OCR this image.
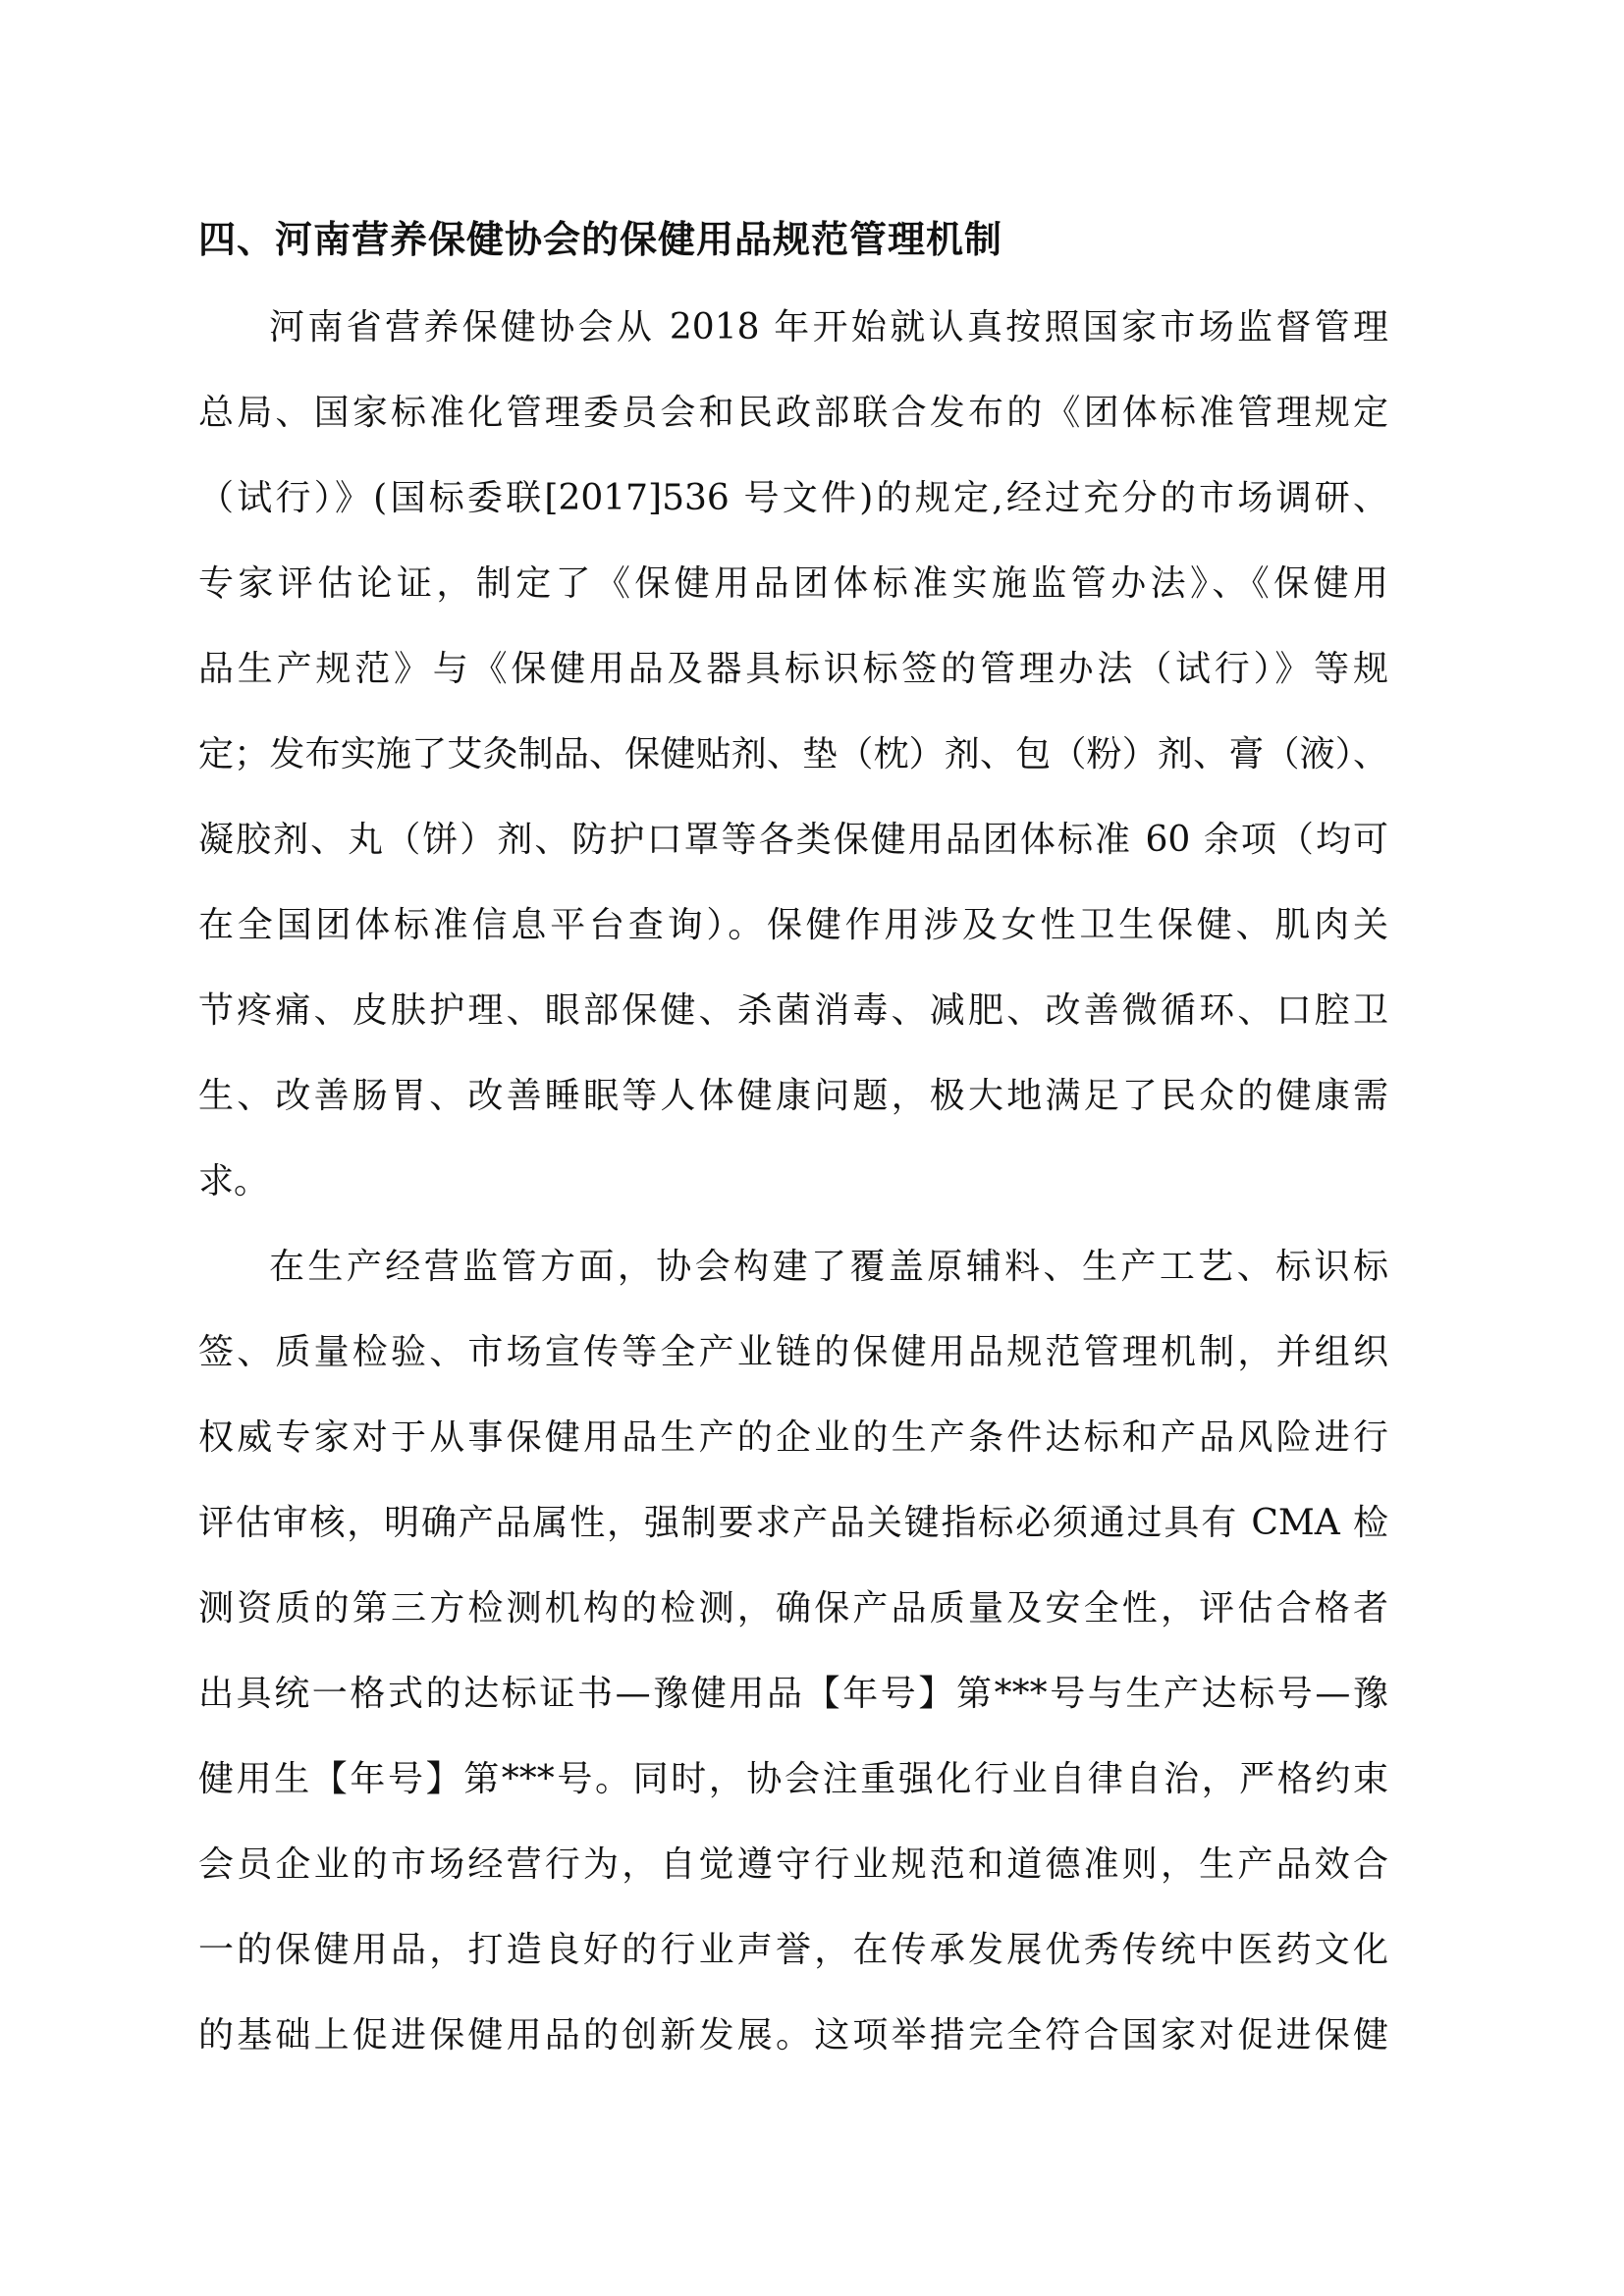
四、河南营养保健协会的保健用品规范管理机制
河南省营养保健协会从 2018 年开始就认真按照国家市场监督管理
总局、国家标准化管理委员会和民政部联合发布的《团体标准管理规定
（试行）》(国标委联[2017]536 号文件)的规定,经过充分的市场调研、
专家评估论证，制定了《保健用品团体标准实施监管办法》、《保健用
品生产规范》与《保健用品及器具标识标签的管理办法（试行）》等规
定；发布实施了艾灸制品、保健贴剂、垫（枕）剂、包（粉）剂、膏（液）、
凝胶剂、丸（饼）剂、防护口罩等各类保健用品团体标准 60 余项（均可
在全国团体标准信息平台查询）。保健作用涉及女性卫生保健、肌肉关
节疼痛、皮肤护理、眼部保健、杀菌消毒、减肥、改善微循环、口腔卫
生、改善肠胃、改善睡眠等人体健康问题，极大地满足了民众的健康需
求。
在生产经营监管方面，协会构建了覆盖原辅料、生产工艺、标识标
签、质量检验、市场宣传等全产业链的保健用品规范管理机制，并组织
权威专家对于从事保健用品生产的企业的生产条件达标和产品风险进行
评估审核，明确产品属性，强制要求产品关键指标必须通过具有 CMA 检
测资质的第三方检测机构的检测，确保产品质量及安全性，评估合格者
出具统一格式的达标证书—豫健用品【年号】第***号与生产达标号—豫
健用生【年号】第***号。同时，协会注重强化行业自律自治，严格约束
会员企业的市场经营行为，自觉遵守行业规范和道德准则，生产品效合
一的保健用品，打造良好的行业声誉，在传承发展优秀传统中医药文化
的基础上促进保健用品的创新发展。这项举措完全符合国家对促进保健
